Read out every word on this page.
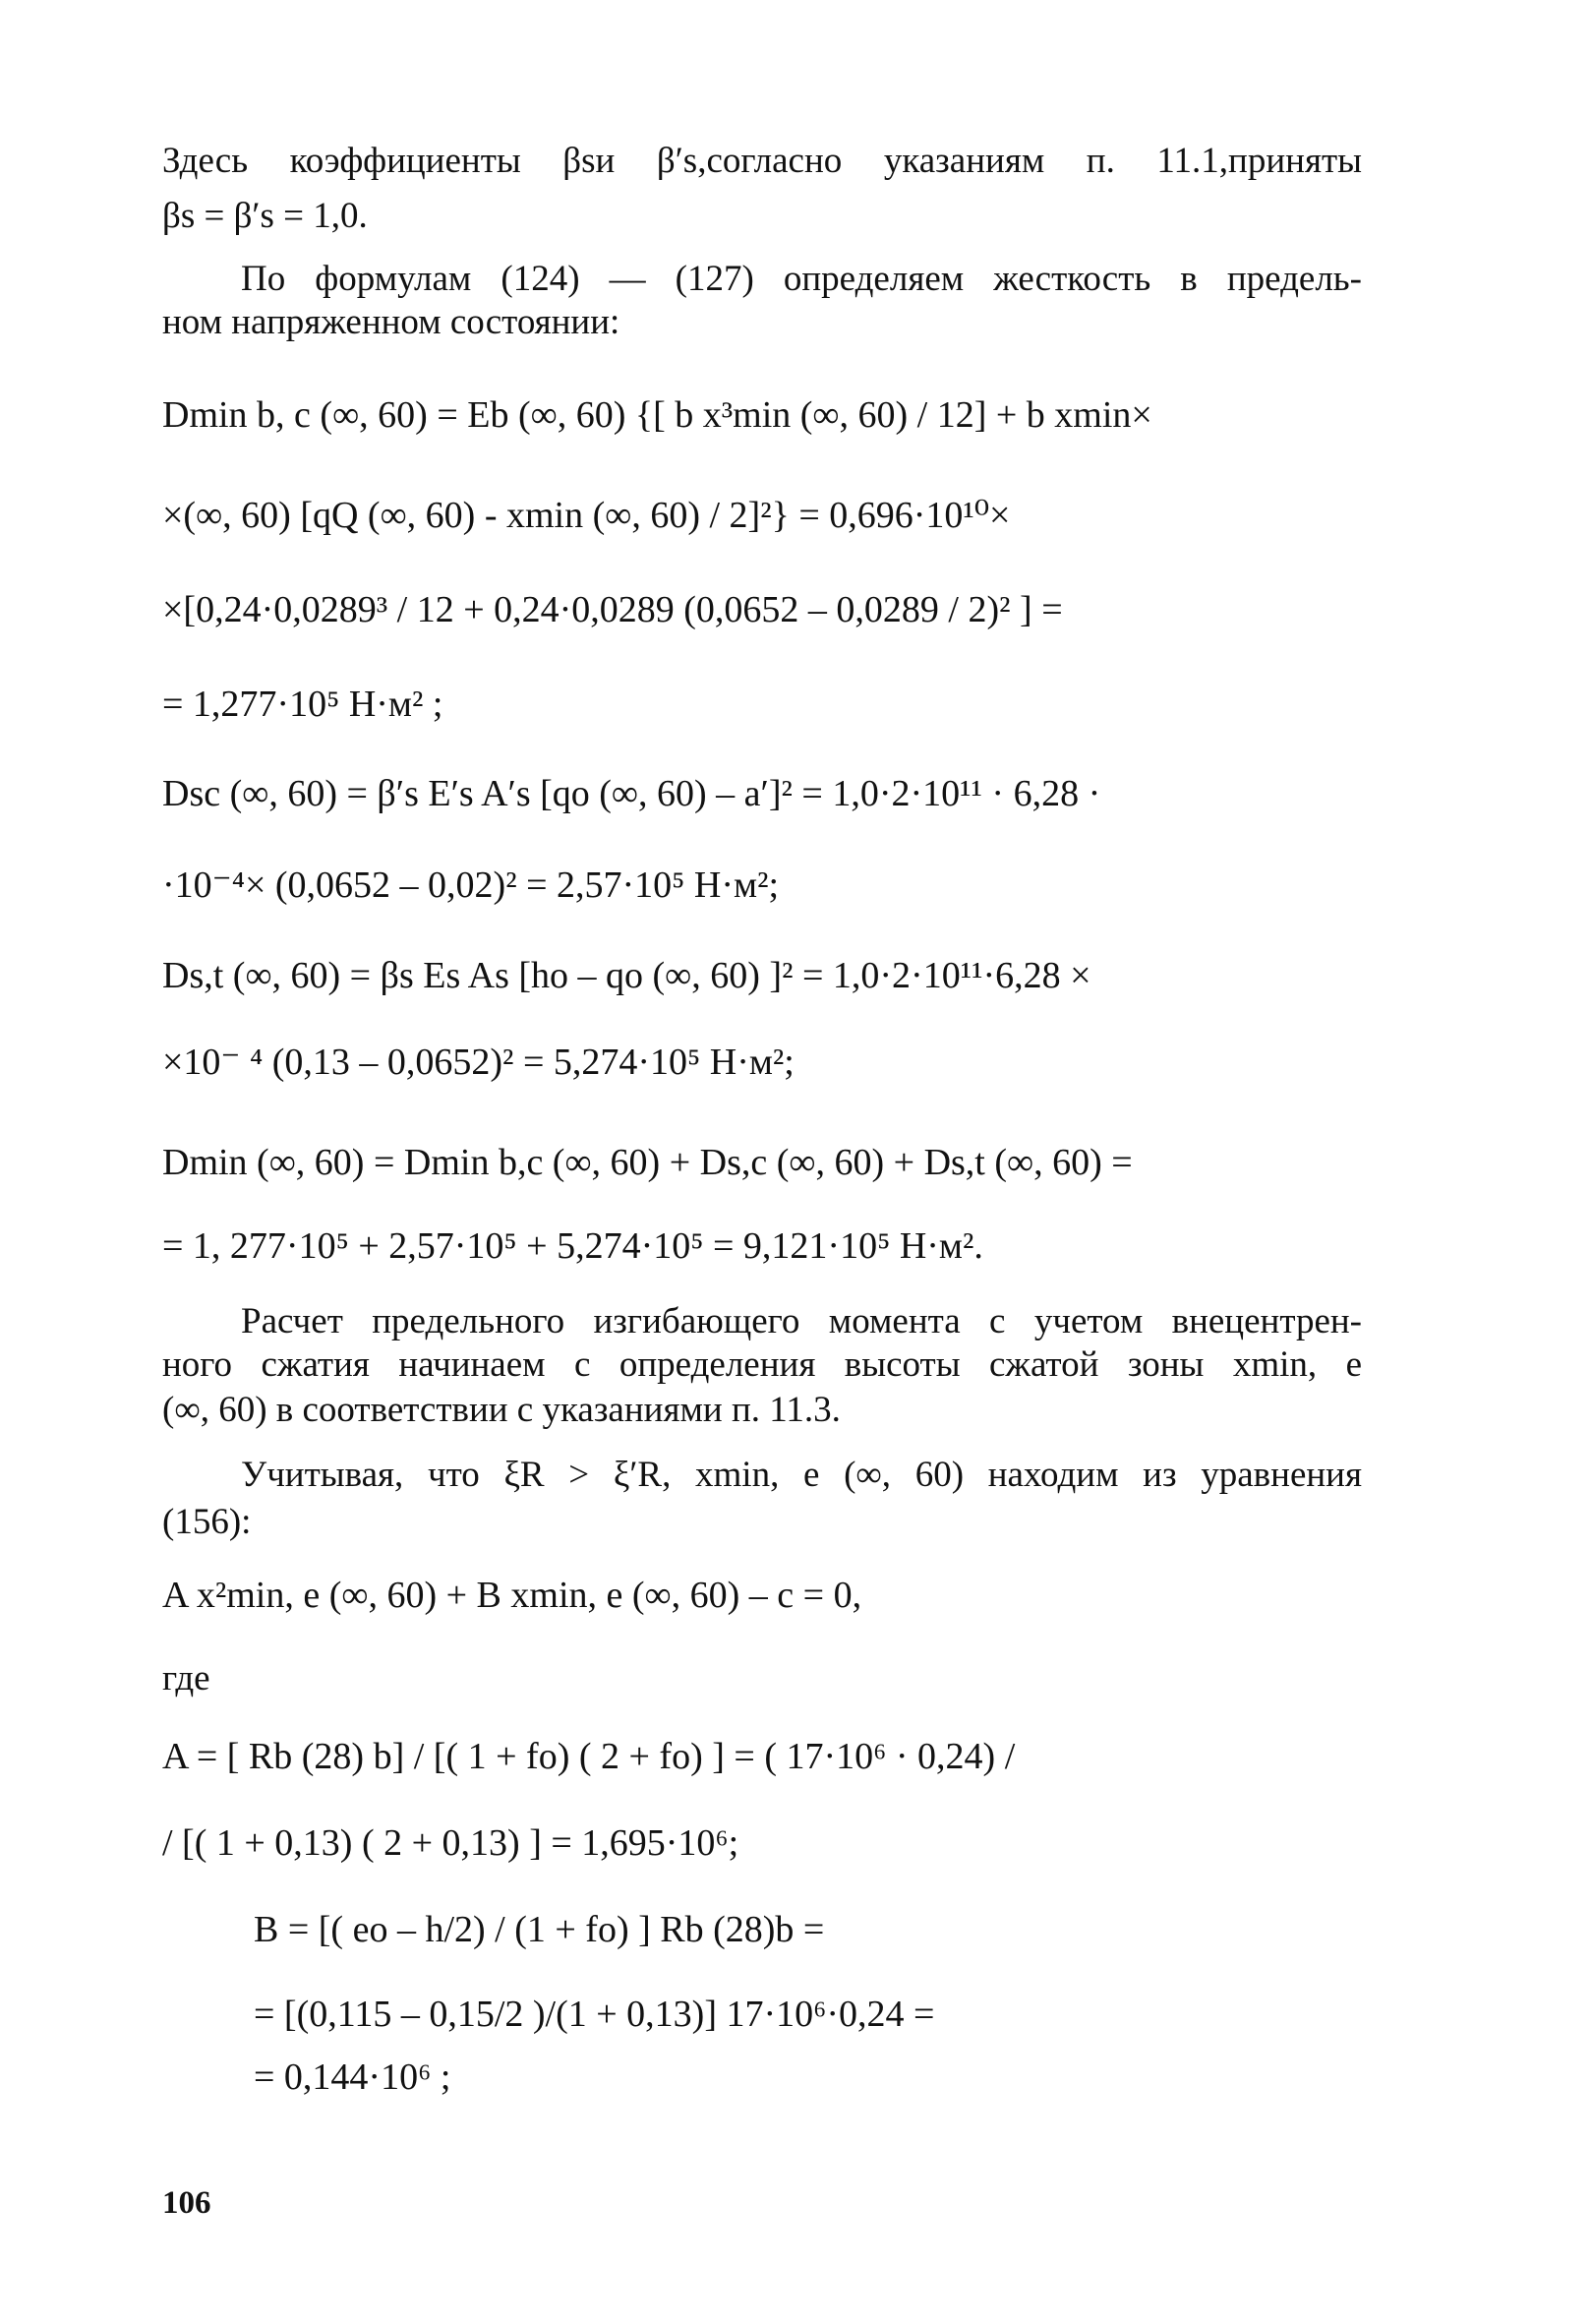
Здесь коэффициенты βsи β′s,согласно указаниям п. 11.1,приняты
βs = β′s = 1,0.
По формулам (124) — (127) определяем жесткость в предель-
ном напряженном состоянии:
Dmin b, c (∞, 60) = Eb (∞, 60) {[ b x³min (∞, 60) / 12] + b xmin×
×(∞, 60) [qQ (∞, 60) - xmin (∞, 60) / 2]²} = 0,696·10¹⁰×
×[0,24·0,0289³ / 12 + 0,24·0,0289 (0,0652 – 0,0289 / 2)² ] =
= 1,277·10⁵ Н·м² ;
Dsc (∞, 60) = β′s E′s A′s [qo (∞, 60) – a′]² = 1,0·2·10¹¹ · 6,28 ·
·10⁻⁴× (0,0652 – 0,02)² = 2,57·10⁵ Н·м²;
Ds,t (∞, 60) = βs Es As [ho – qo (∞, 60) ]² = 1,0·2·10¹¹·6,28 ×
×10⁻ ⁴ (0,13 – 0,0652)² = 5,274·10⁵ Н·м²;
Dmin (∞, 60) = Dmin b,c (∞, 60) + Ds,c (∞, 60) + Ds,t (∞, 60) =
= 1, 277·10⁵ + 2,57·10⁵ + 5,274·10⁵ = 9,121·10⁵ Н·м².
Расчет предельного изгибающего момента с учетом внецентрен-
ного сжатия начинаем с определения высоты сжатой зоны xmin, e
(∞, 60) в соответствии с указаниями п. 11.3.
Учитывая, что ξR > ξ′R, xmin, e (∞, 60) находим из уравнения
(156):
A x²min, e (∞, 60) + B xmin, e (∞, 60) – c = 0,
где
A = [ Rb (28) b] / [( 1 + fo) ( 2 + fo) ] = ( 17·10⁶ · 0,24) /
/ [( 1 + 0,13) ( 2 + 0,13) ] = 1,695·10⁶;
B = [( eo – h/2) / (1 + fo) ] Rb (28)b =
= [(0,115 – 0,15/2 )/(1 + 0,13)] 17·10⁶·0,24 =
= 0,144·10⁶ ;
106
